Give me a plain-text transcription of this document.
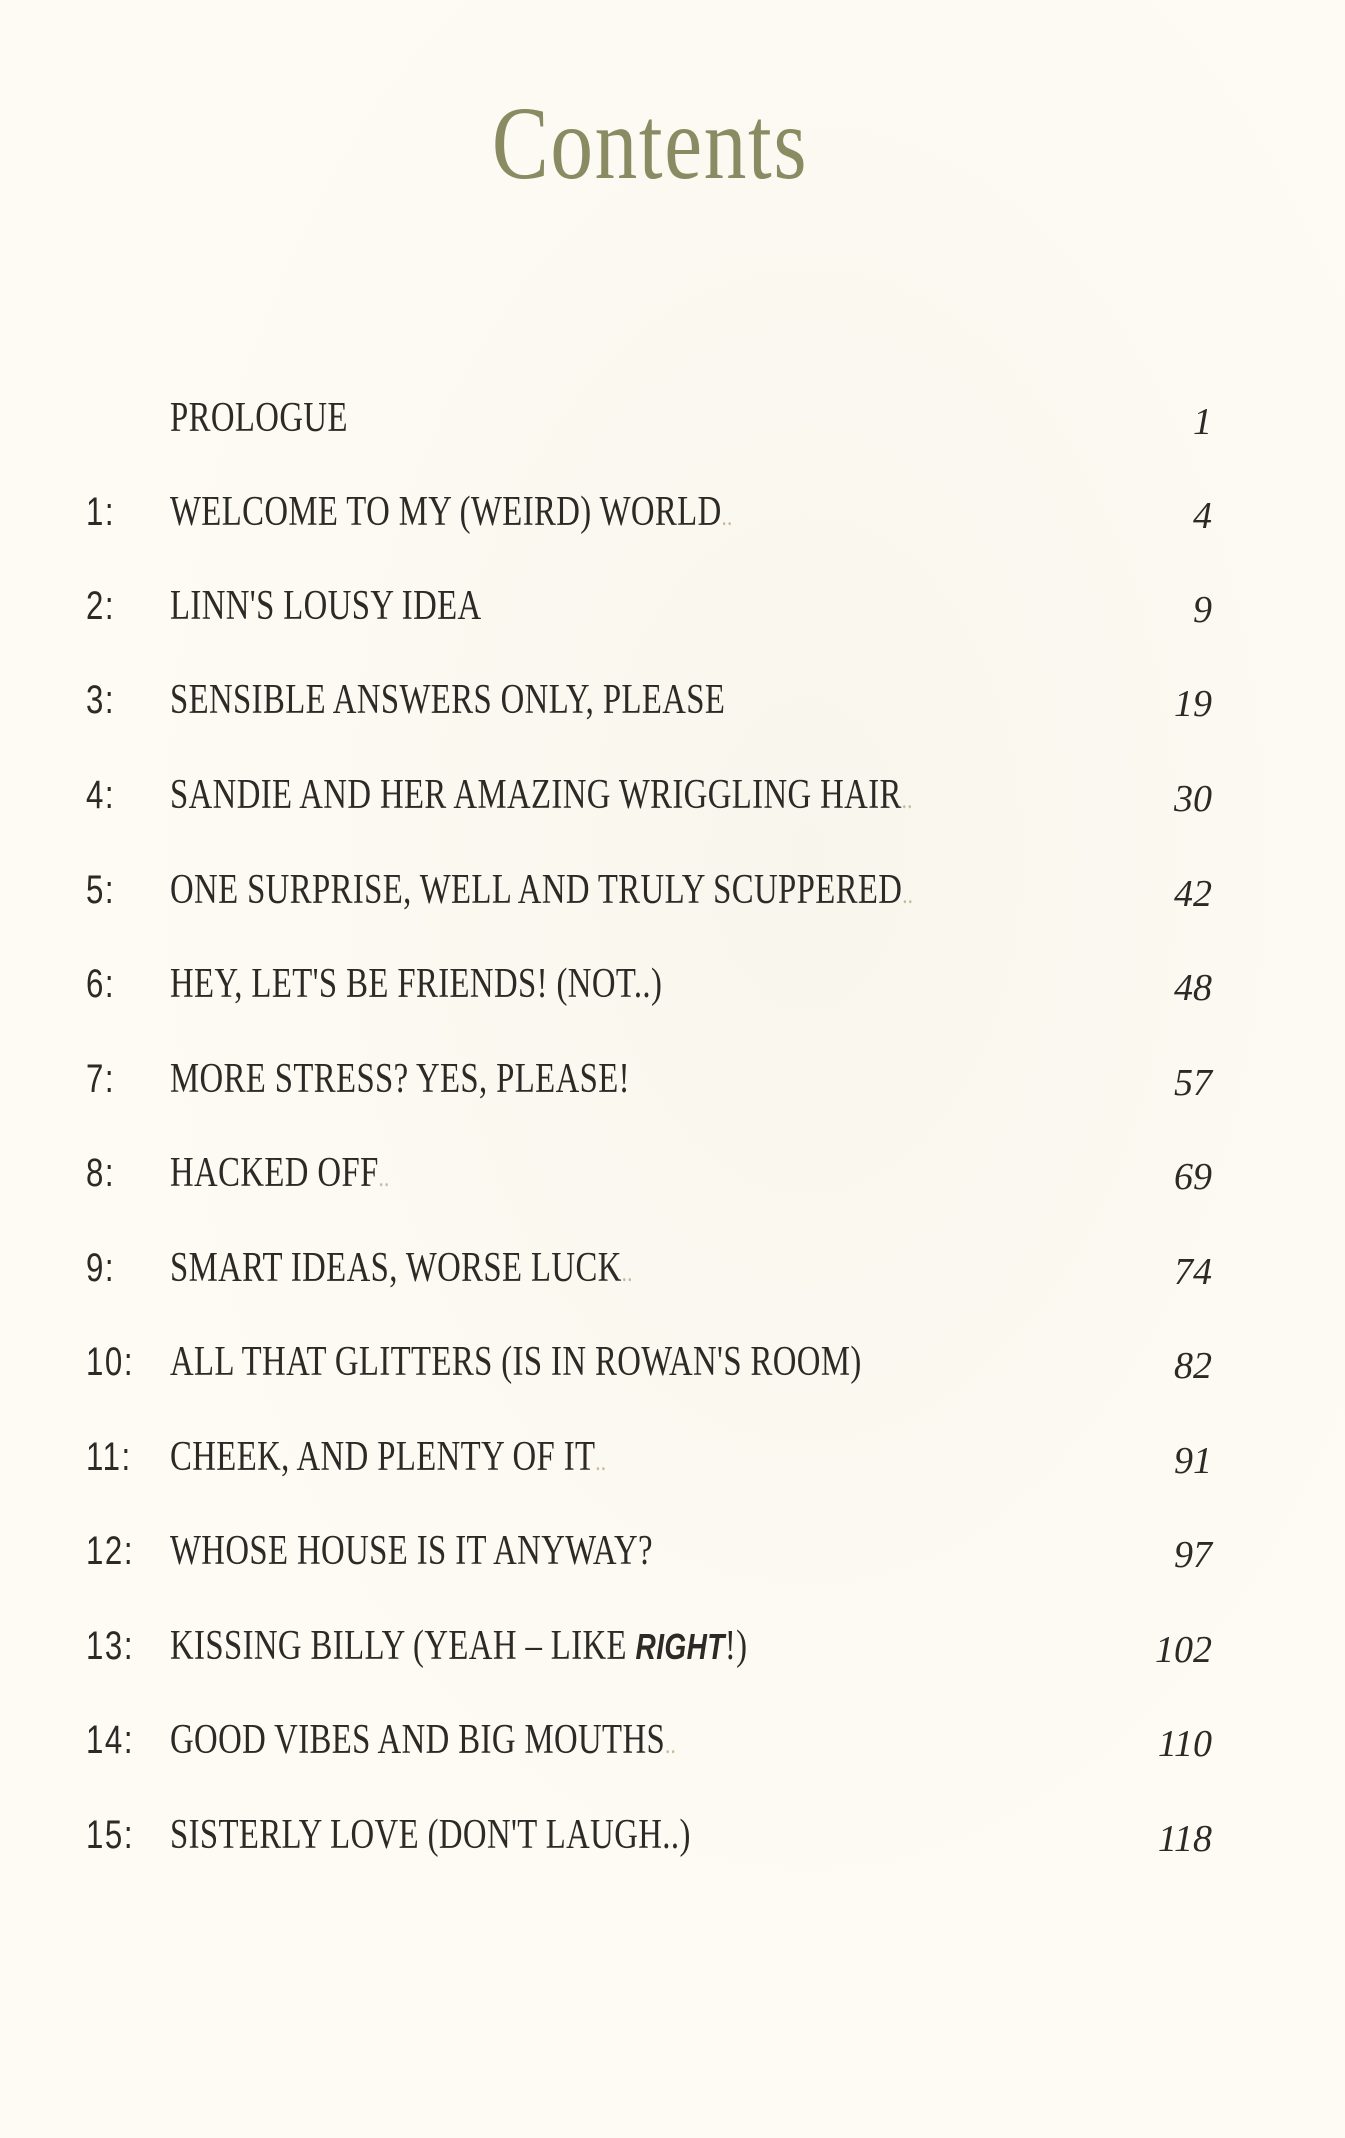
Contents
PROLOGUE	1
1: WELCOME TO MY (WEIRD) WORLD..	4
2: LINN'S LOUSY IDEA	9
3: SENSIBLE ANSWERS ONLY, PLEASE	19
4: SANDIE AND HER AMAZING WRIGGLING HAIR..	30
5: ONE SURPRISE, WELL AND TRULY SCUPPERED..	42
6: HEY, LET'S BE FRIENDS! (NOT..)	48
7: MORE STRESS? YES, PLEASE!	57
8: HACKED OFF..	69
9: SMART IDEAS, WORSE LUCK..	74
10: ALL THAT GLITTERS (IS IN ROWAN'S ROOM)	82
11: CHEEK, AND PLENTY OF IT..	91
12: WHOSE HOUSE IS IT ANYWAY?	97
13: KISSING BILLY (YEAH – LIKE RIGHT!)	102
14: GOOD VIBES AND BIG MOUTHS..	110
15: SISTERLY LOVE (DON'T LAUGH..)	118
